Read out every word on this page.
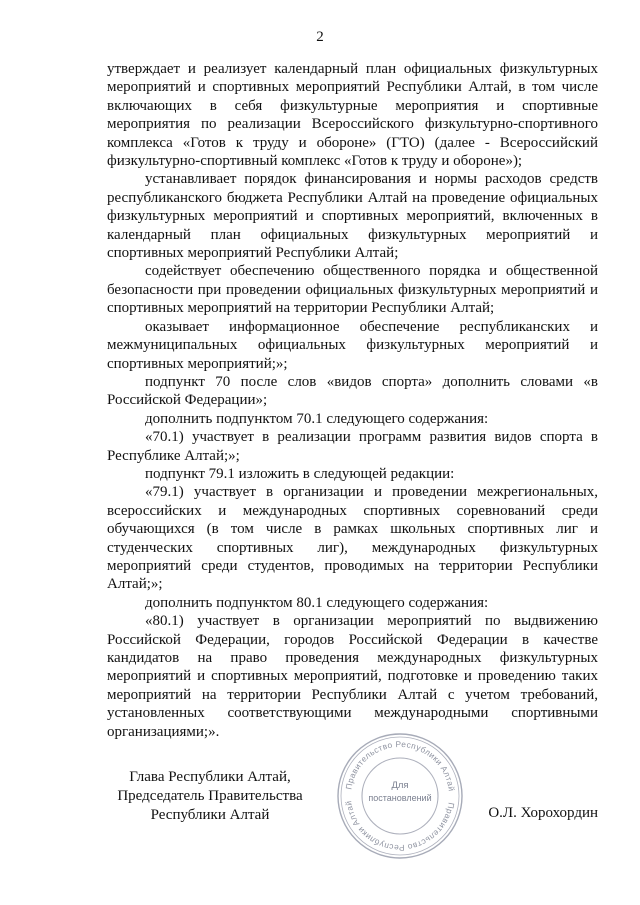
2

утверждает и реализует календарный план официальных физкультурных мероприятий и спортивных мероприятий Республики Алтай, в том числе включающих в себя физкультурные мероприятия и спортивные мероприятия по реализации Всероссийского физкультурно-спортивного комплекса «Готов к труду и обороне» (ГТО) (далее - Всероссийский физкультурно-спортивный комплекс «Готов к труду и обороне»);

устанавливает порядок финансирования и нормы расходов средств республиканского бюджета Республики Алтай на проведение официальных физкультурных мероприятий и спортивных мероприятий, включенных в календарный план официальных физкультурных мероприятий и спортивных мероприятий Республики Алтай;

содействует обеспечению общественного порядка и общественной безопасности при проведении официальных физкультурных мероприятий и спортивных мероприятий на территории Республики Алтай;

оказывает информационное обеспечение республиканских и межмуниципальных официальных физкультурных мероприятий и спортивных мероприятий;»;

подпункт 70 после слов «видов спорта» дополнить словами «в Российской Федерации»;

дополнить подпунктом 70.1 следующего содержания:

«70.1) участвует в реализации программ развития видов спорта в Республике Алтай;»;

подпункт 79.1 изложить в следующей редакции:

«79.1) участвует в организации и проведении межрегиональных, всероссийских и международных спортивных соревнований среди обучающихся (в том числе в рамках школьных спортивных лиг и студенческих спортивных лиг), международных физкультурных мероприятий среди студентов, проводимых на территории Республики Алтай;»;

дополнить подпунктом 80.1 следующего содержания:

«80.1) участвует в организации мероприятий по выдвижению Российской Федерации, городов Российской Федерации в качестве кандидатов на право проведения международных физкультурных мероприятий и спортивных мероприятий, подготовке и проведению таких мероприятий на территории Республики Алтай с учетом требований, установленных соответствующими международными спортивными организациями;».

Глава Республики Алтай,
Председатель Правительства
Республики Алтай
Правительство Республики Алтай
Правительство Республики Алтай
Для
постановлений
О.Л. Хорохордин
